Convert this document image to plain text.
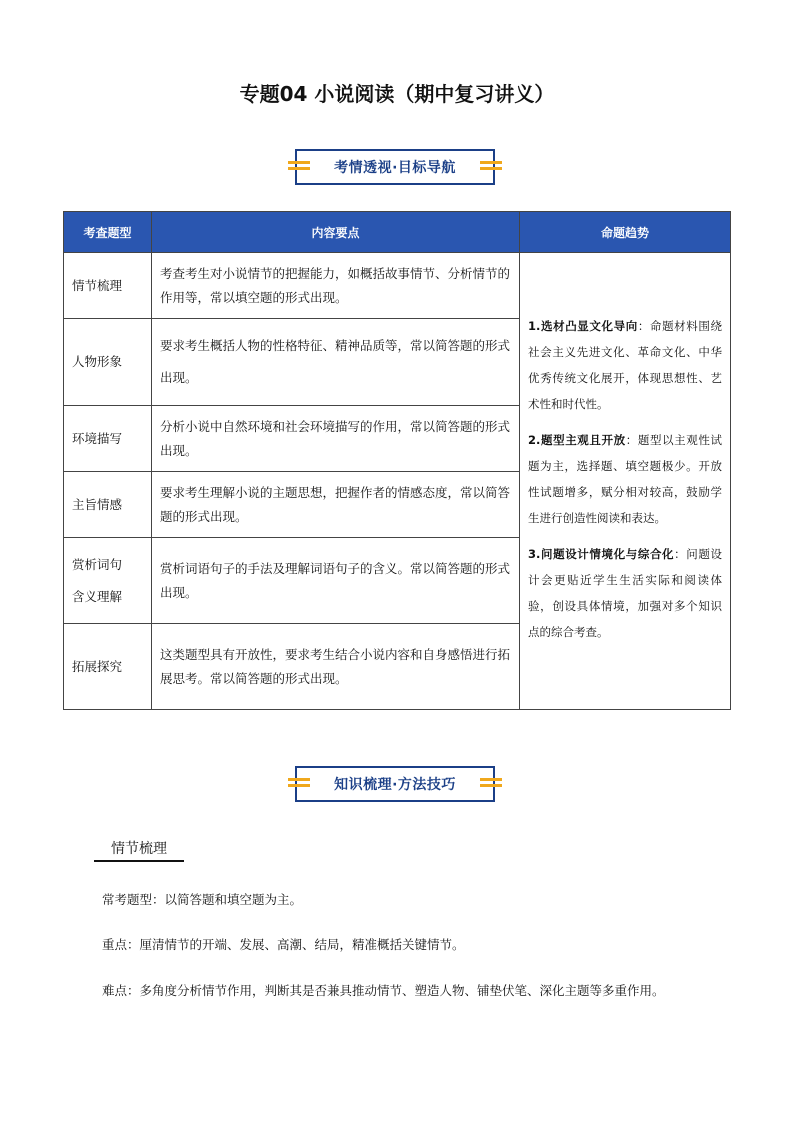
专题04 小说阅读（期中复习讲义）
考情透视·目标导航
考查题型	内容要点	命题趋势
情节梳理	考查考生对小说情节的把握能力，如概括故事情节、分析情节的作用等，常以填空题的形式出现。	1.选材凸显文化导向：命题材料围绕社会主义先进文化、革命文化、中华优秀传统文化展开，体现思想性、艺术性和时代性。
2.题型主观且开放：题型以主观性试题为主，选择题、填空题极少。开放性试题增多，赋分相对较高，鼓励学生进行创造性阅读和表达。
3.问题设计情境化与综合化：问题设计会更贴近学生生活实际和阅读体验，创设具体情境，加强对多个知识点的综合考查。

人物形象	要求考生概括人物的性格特征、精神品质等，常以简答题的形式出现。	
环境描写	分析小说中自然环境和社会环境描写的作用，常以简答题的形式出现。	
主旨情感	要求考生理解小说的主题思想，把握作者的情感态度，常以简答题的形式出现。	

赏析词句
含义理解	赏析词语句子的手法及理解词语句子的含义。常以简答题的形式出现。	
拓展探究	这类题型具有开放性，要求考生结合小说内容和自身感悟进行拓展思考。常以简答题的形式出现。	
知识梳理·方法技巧
情节梳理
常考题型：以简答题和填空题为主。
重点：厘清情节的开端、发展、高潮、结局，精准概括关键情节。
难点：多角度分析情节作用，判断其是否兼具推动情节、塑造人物、铺垫伏笔、深化主题等多重作用。
